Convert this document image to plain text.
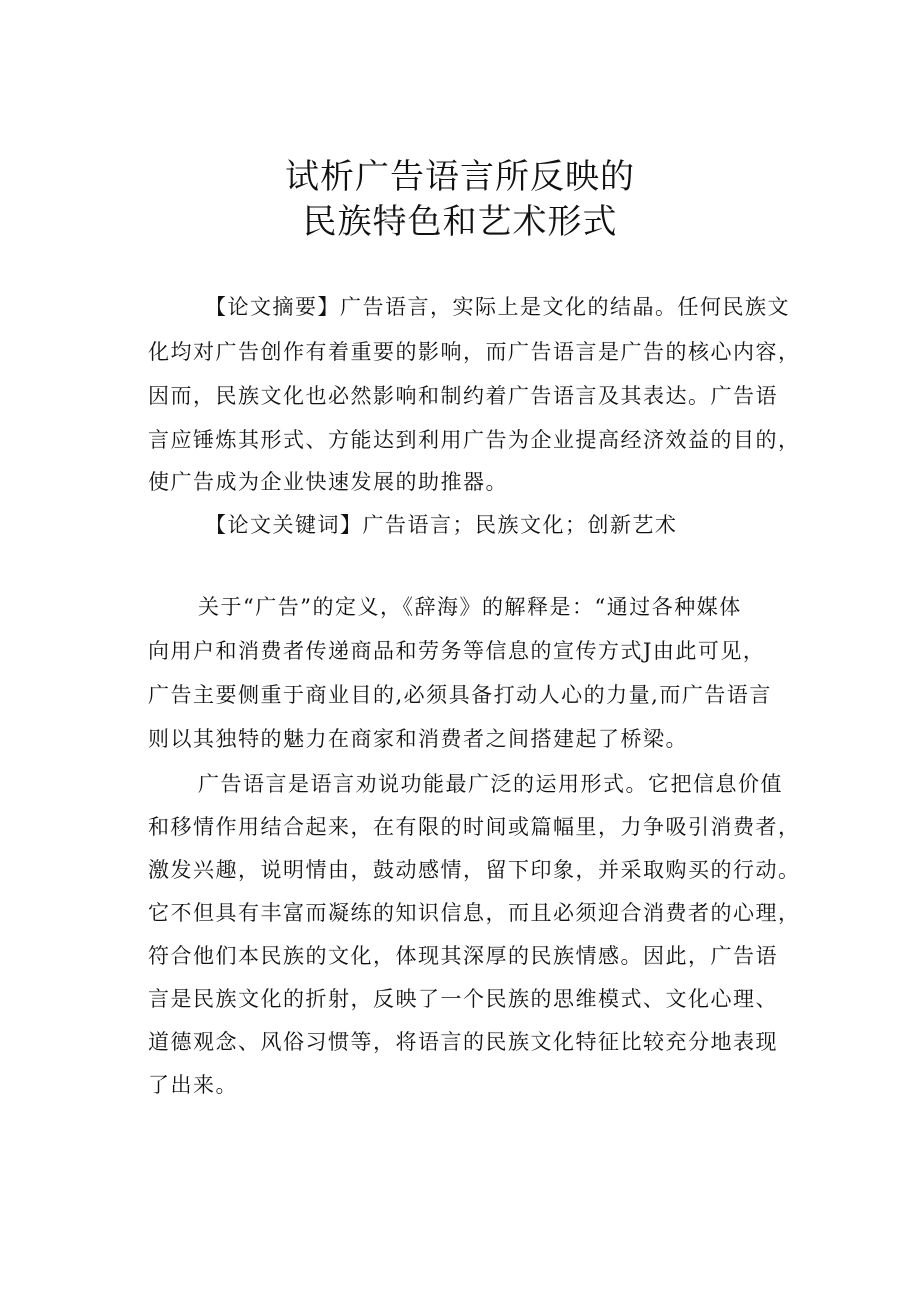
试析广告语言所反映的
民族特色和艺术形式
【论文摘要】广告语言，实际上是文化的结晶。任何民族文
化均对广告创作有着重要的影响，而广告语言是广告的核心内容，
因而，民族文化也必然影响和制约着广告语言及其表达。广告语
言应锤炼其形式、方能达到利用广告为企业提高经济效益的目的，
使广告成为企业快速发展的助推器。
【论文关键词】广告语言；民族文化；创新艺术
关于“广告”的定义，《辞海》的解释是：“通过各种媒体
向用户和消费者传递商品和劳务等信息的宣传方式J由此可见，
广告主要侧重于商业目的,必须具备打动人心的力量,而广告语言
则以其独特的魅力在商家和消费者之间搭建起了桥梁。
广告语言是语言劝说功能最广泛的运用形式。它把信息价值
和移情作用结合起来，在有限的时间或篇幅里，力争吸引消费者，
激发兴趣，说明情由，鼓动感情，留下印象，并采取购买的行动。
它不但具有丰富而凝练的知识信息，而且必须迎合消费者的心理，
符合他们本民族的文化，体现其深厚的民族情感。因此，广告语
言是民族文化的折射，反映了一个民族的思维模式、文化心理、
道德观念、风俗习惯等，将语言的民族文化特征比较充分地表现
了出来。
